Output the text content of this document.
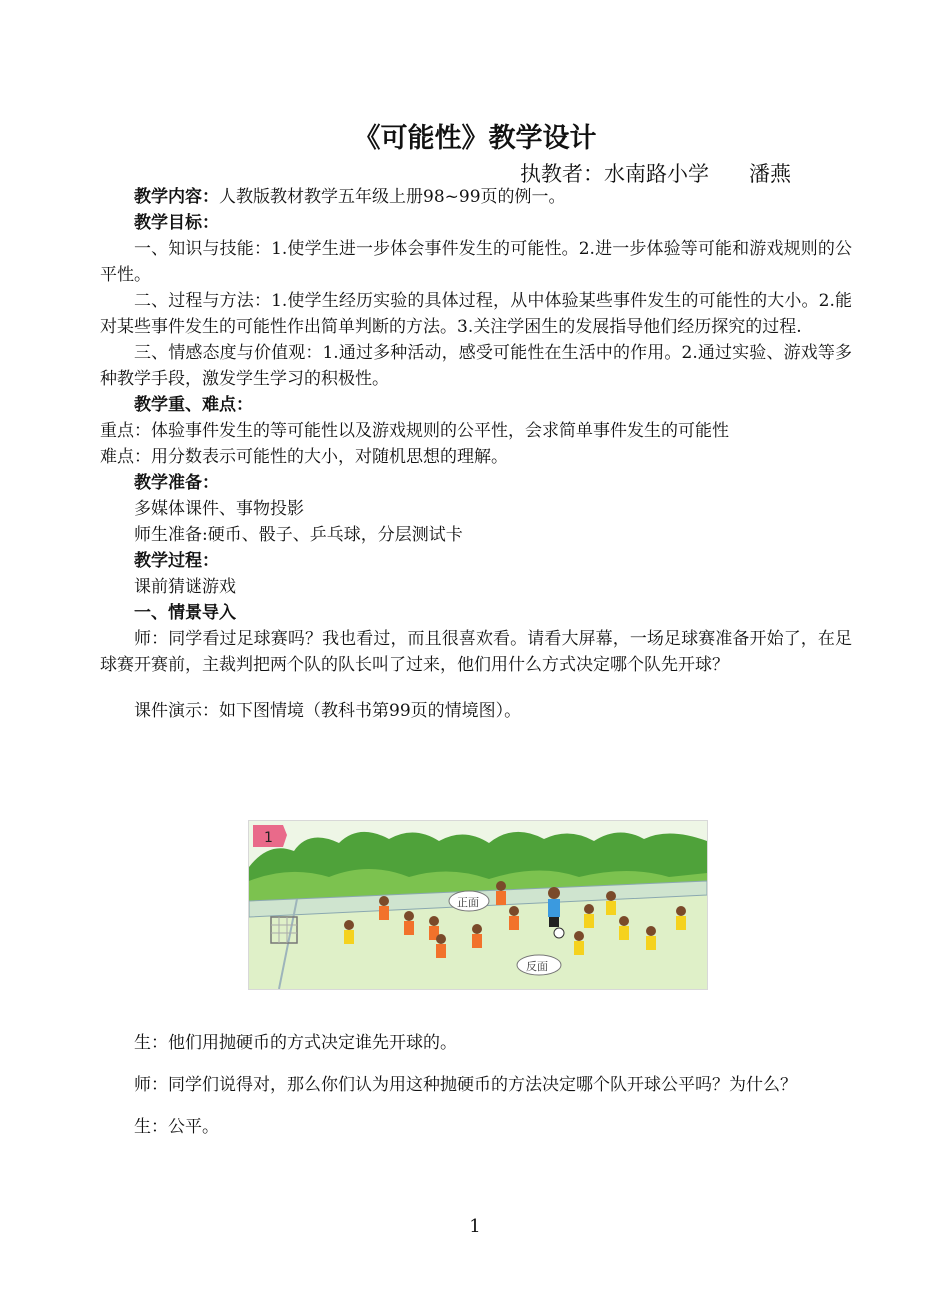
《可能性》教学设计
执教者：水南路小学      潘燕
教学内容：人教版教材教学五年级上册98~99页的例一。
教学目标：
一、知识与技能：1.使学生进一步体会事件发生的可能性。2.进一步体验等可能和游戏规则的公平性。
二、过程与方法：1.使学生经历实验的具体过程，从中体验某些事件发生的可能性的大小。2.能对某些事件发生的可能性作出简单判断的方法。3.关注学困生的发展指导他们经历探究的过程.
三、情感态度与价值观：1.通过多种活动，感受可能性在生活中的作用。2.通过实验、游戏等多种教学手段，激发学生学习的积极性。
教学重、难点：
重点：体验事件发生的等可能性以及游戏规则的公平性，会求简单事件发生的可能性
难点：用分数表示可能性的大小，对随机思想的理解。
教学准备：
多媒体课件、事物投影
师生准备:硬币、骰子、乒乓球，分层测试卡
教学过程：
课前猜谜游戏
一、情景导入
师：同学看过足球赛吗？我也看过，而且很喜欢看。请看大屏幕，一场足球赛准备开始了，在足球赛开赛前，主裁判把两个队的队长叫了过来，他们用什么方式决定哪个队先开球？
课件演示：如下图情境（教科书第99页的情境图）。
1
正面
反面
生：他们用抛硬币的方式决定谁先开球的。
师：同学们说得对，那么你们认为用这种抛硬币的方法决定哪个队开球公平吗？为什么？
生：公平。
1
